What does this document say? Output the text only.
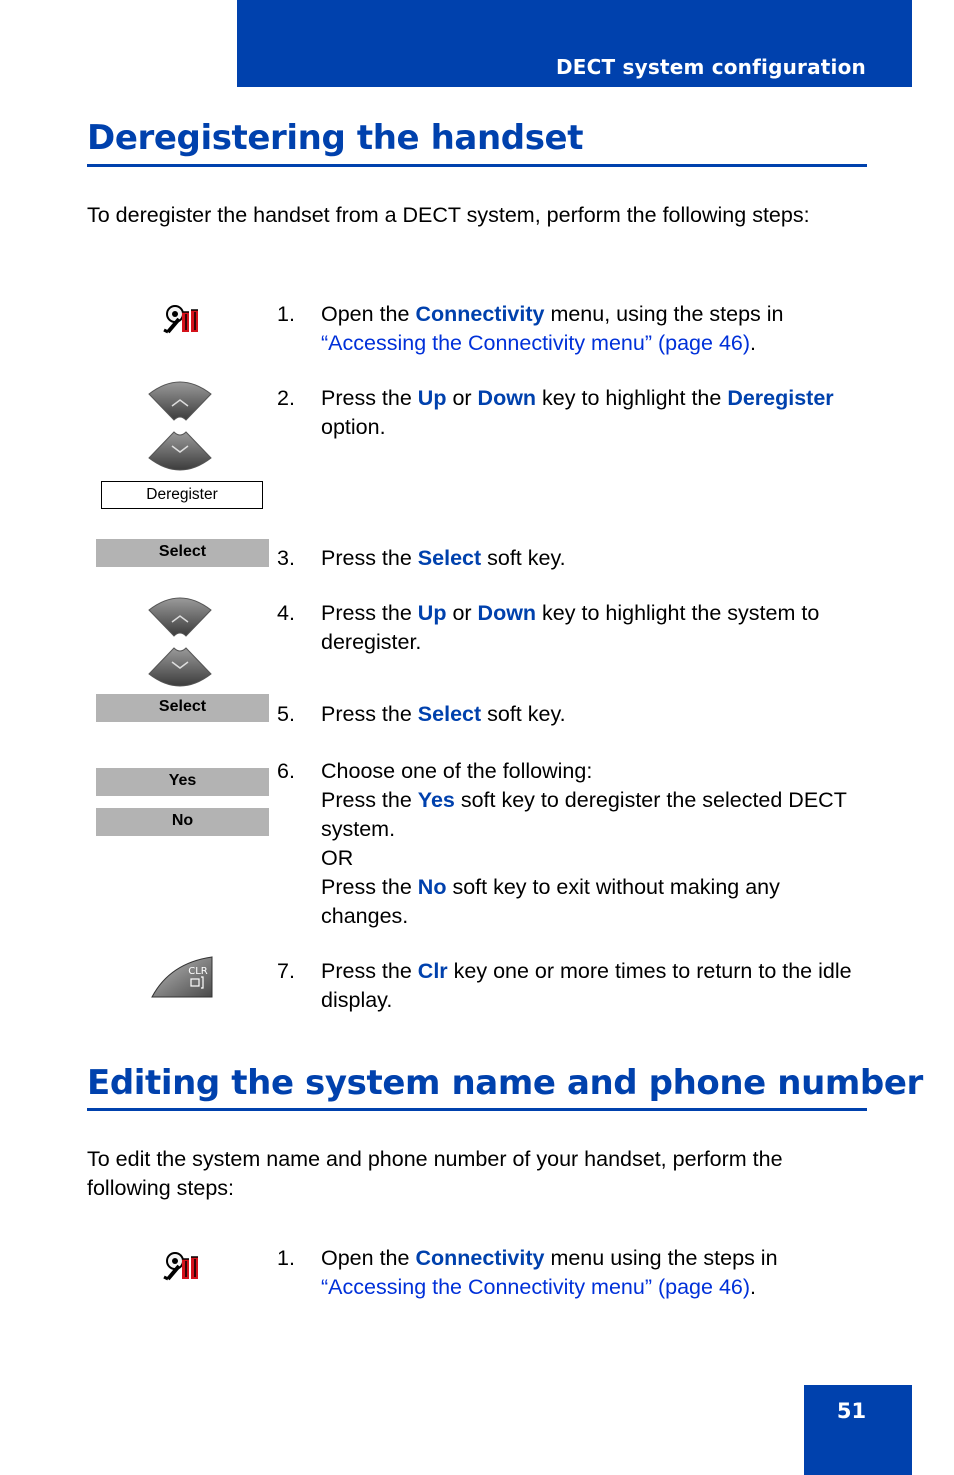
DECT system configuration
Deregistering the handset
To deregister the handset from a DECT system, perform the following steps:
Deregister
Select
Select
Yes
No
CLR
1. Open the Connectivity menu, using the steps in “Accessing the Connectivity menu” (page 46).
2. Press the Up or Down key to highlight the Deregister option.
3. Press the Select soft key.
4. Press the Up or Down key to highlight the system to deregister.
5. Press the Select soft key.
6. Choose one of the following:
Press the Yes soft key to deregister the selected DECT system.
OR
Press the No soft key to exit without making any changes.
7. Press the Clr key one or more times to return to the idle display.
Editing the system name and phone number
To edit the system name and phone number of your handset, perform the following steps:
1. Open the Connectivity menu using the steps in “Accessing the Connectivity menu” (page 46).
51
